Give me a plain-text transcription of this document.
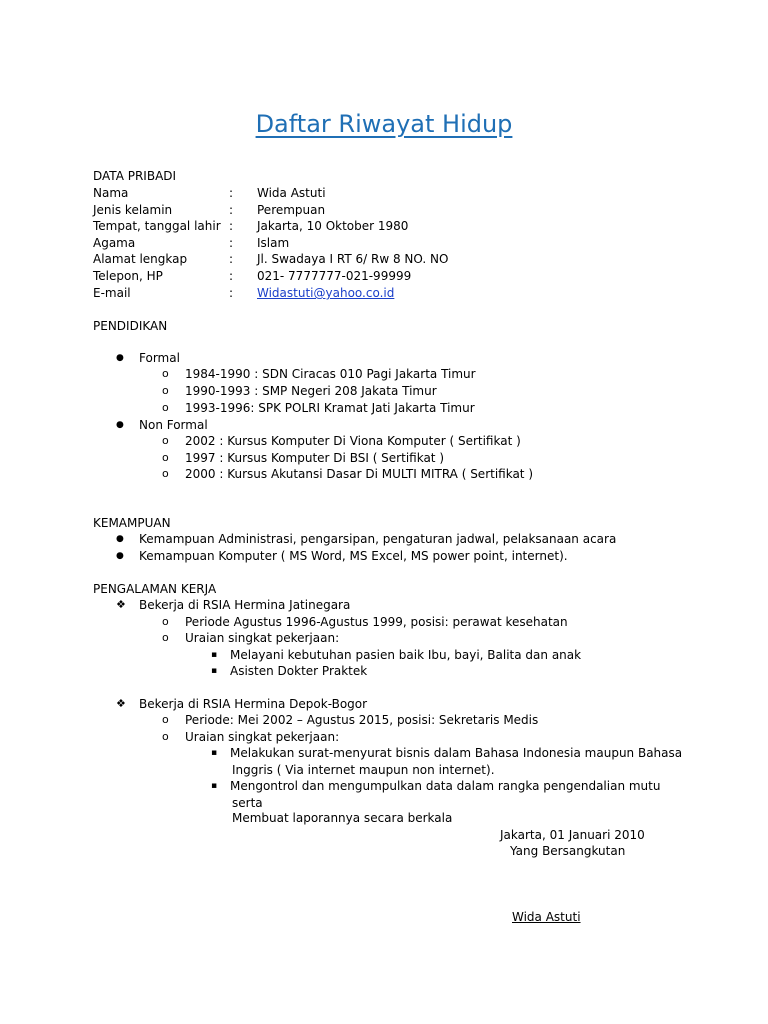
Daftar Riwayat Hidup
DATA PRIBADI
Nama	: Wida Astuti
Jenis kelamin	: Perempuan
Tempat, tanggal lahir : Jakarta, 10 Oktober 1980
Agama	: Islam
Alamat lengkap	: Jl. Swadaya I RT 6/ Rw 8 NO. NO
Telepon, HP	: 021- 7777777-021-99999
E-mail	: Widastuti@yahoo.co.id
PENDIDIKAN
● Formal
o 1984-1990 : SDN Ciracas 010 Pagi Jakarta Timur
o 1990-1993 : SMP Negeri 208 Jakata Timur
o 1993-1996: SPK POLRI Kramat Jati Jakarta Timur
● Non Formal
o 2002 : Kursus Komputer Di Viona Komputer ( Sertifikat )
o 1997 : Kursus Komputer Di BSI ( Sertifikat )
o 2000 : Kursus Akutansi Dasar Di MULTI MITRA ( Sertifikat )
KEMAMPUAN
● Kemampuan Administrasi, pengarsipan, pengaturan jadwal, pelaksanaan acara
● Kemampuan Komputer ( MS Word, MS Excel, MS power point, internet).
PENGALAMAN KERJA
❖ Bekerja di RSIA Hermina Jatinegara
o Periode Agustus 1996-Agustus 1999, posisi: perawat kesehatan
o Uraian singkat pekerjaan:
▪ Melayani kebutuhan pasien baik Ibu, bayi, Balita dan anak
▪ Asisten Dokter Praktek
❖ Bekerja di RSIA Hermina Depok-Bogor
o Periode: Mei 2002 – Agustus 2015, posisi: Sekretaris Medis
o Uraian singkat pekerjaan:
▪ Melakukan surat-menyurat bisnis dalam Bahasa Indonesia maupun Bahasa
Inggris ( Via internet maupun non internet).
▪ Mengontrol dan mengumpulkan data dalam rangka pengendalian mutu
serta
Membuat laporannya secara berkala
Jakarta, 01 Januari 2010
Yang Bersangkutan
Wida Astuti
